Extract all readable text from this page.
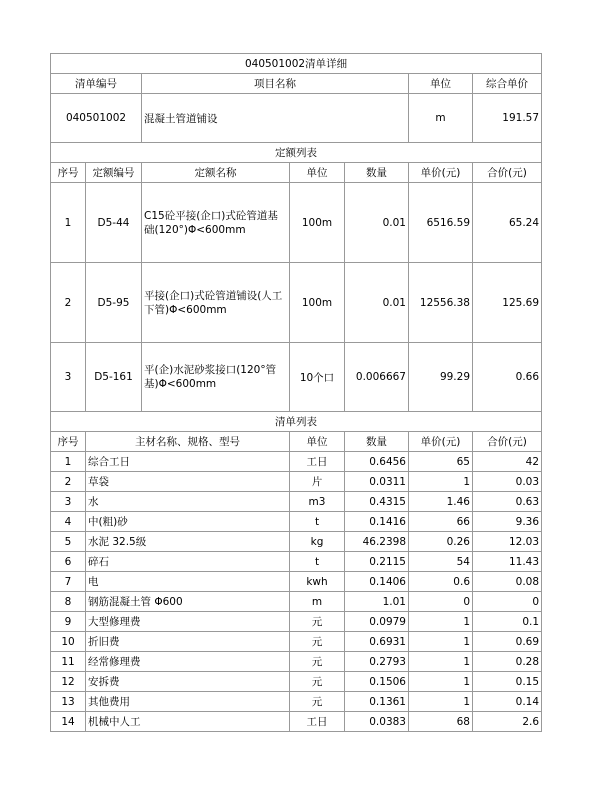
040501002清单详细						
清单编号		项目名称			单位	综合单价
040501002		混凝土管道铺设			m	191.57
定额列表						
序号	定额编号	定额名称	单位	数量	单价(元)	合价(元)
1	D5-44	C15砼平接(企口)式砼管道基础(120°)Φ<600mm	100m	0.01	6516.59	65.24
2	D5-95	平接(企口)式砼管道铺设(人工下管)Φ<600mm	100m	0.01	12556.38	125.69
3	D5-161	平(企)水泥砂浆接口(120°管基)Φ<600mm	10个口	0.006667	99.29	0.66
清单列表						
序号	主材名称、规格、型号		单位	数量	单价(元)	合价(元)
1	综合工日		工日	0.6456	65	42
2	草袋		片	0.0311	1	0.03
3	水		m3	0.4315	1.46	0.63
4	中(粗)砂		t	0.1416	66	9.36
5	水泥 32.5级		kg	46.2398	0.26	12.03
6	碎石		t	0.2115	54	11.43
7	电		kwh	0.1406	0.6	0.08
8	钢筋混凝土管 Φ600		m	1.01	0	0
9	大型修理费		元	0.0979	1	0.1
10	折旧费		元	0.6931	1	0.69
11	经常修理费		元	0.2793	1	0.28
12	安拆费		元	0.1506	1	0.15
13	其他费用		元	0.1361	1	0.14
14	机械中人工		工日	0.0383	68	2.6
